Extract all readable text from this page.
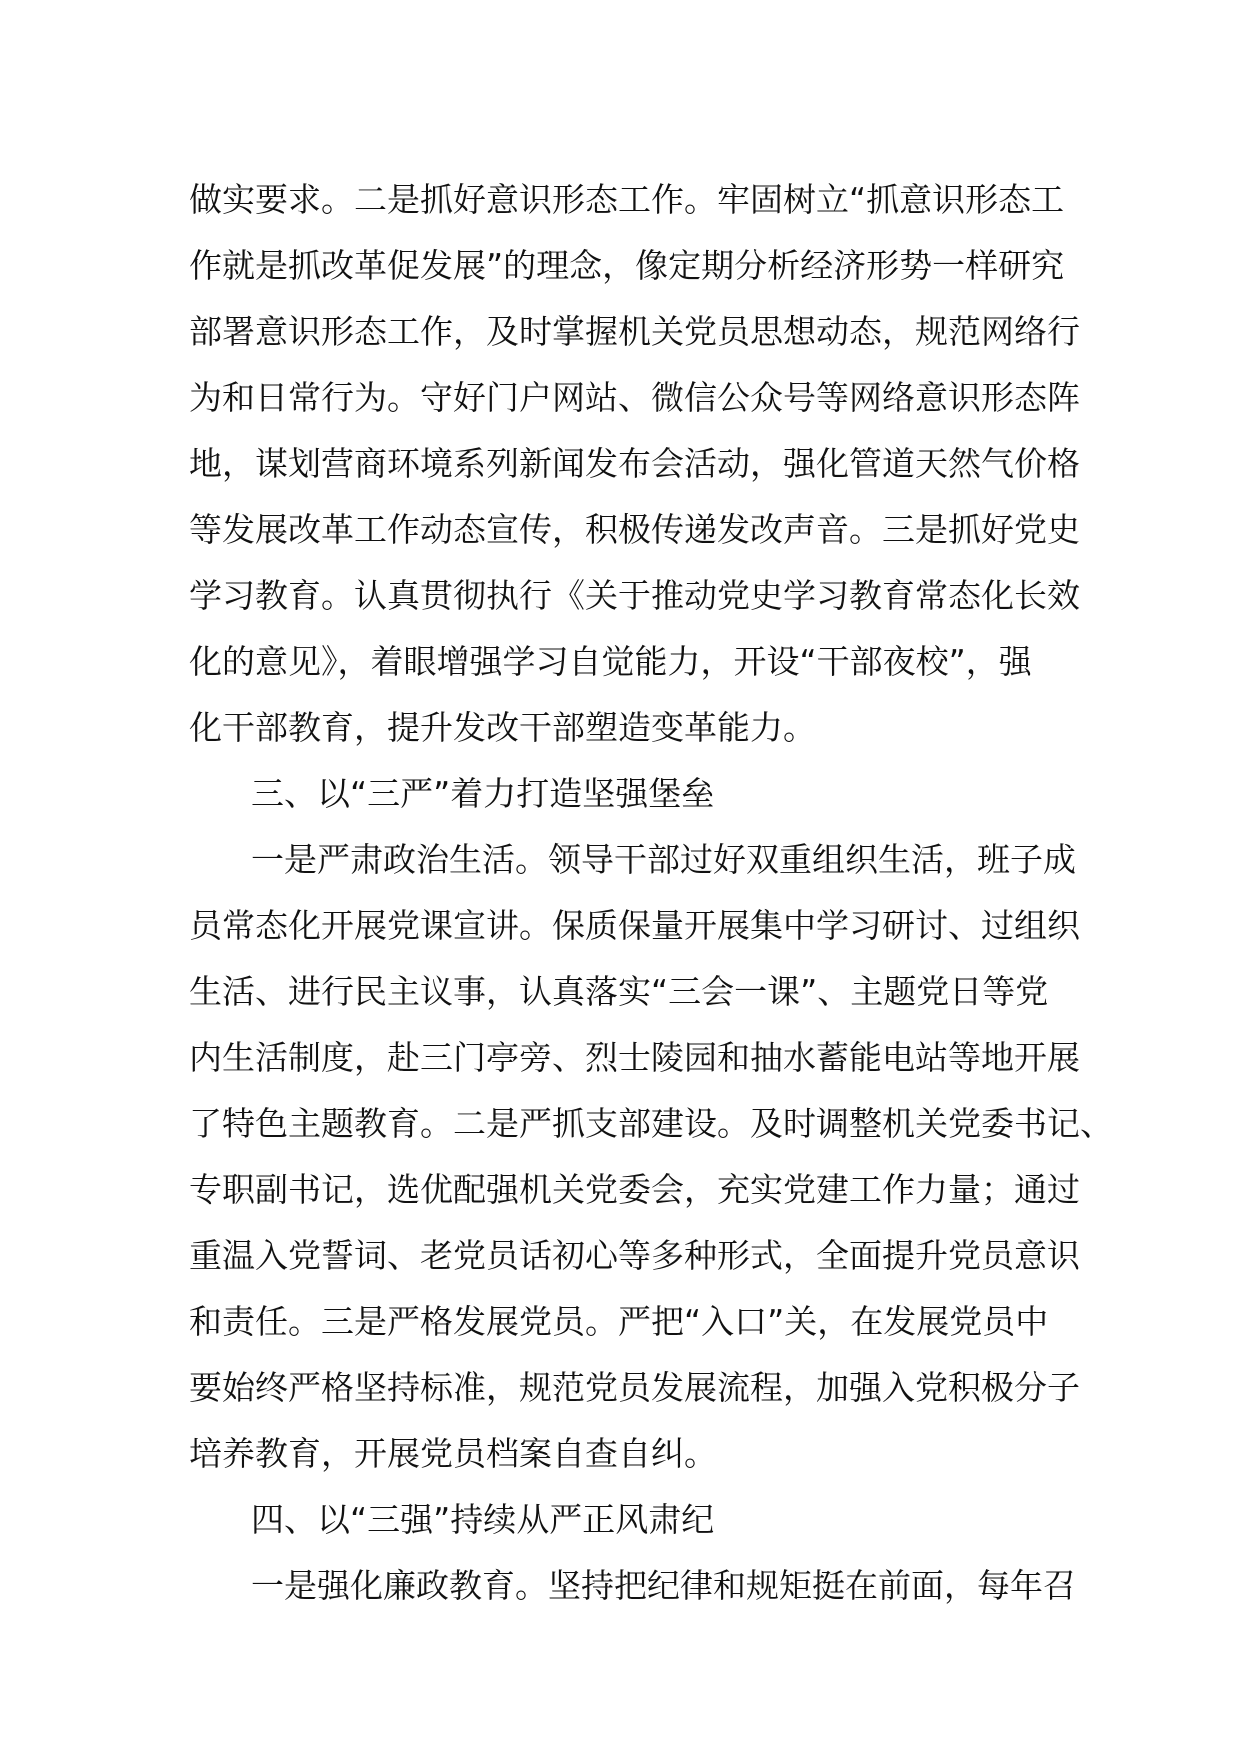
做实要求。二是抓好意识形态工作。牢固树立“抓意识形态工
作就是抓改革促发展”的理念，像定期分析经济形势一样研究
部署意识形态工作，及时掌握机关党员思想动态，规范网络行
为和日常行为。守好门户网站、微信公众号等网络意识形态阵
地，谋划营商环境系列新闻发布会活动，强化管道天然气价格
等发展改革工作动态宣传，积极传递发改声音。三是抓好党史
学习教育。认真贯彻执行《关于推动党史学习教育常态化长效
化的意见》，着眼增强学习自觉能力，开设“干部夜校”，强
化干部教育，提升发改干部塑造变革能力。
三、以“三严”着力打造坚强堡垒
一是严肃政治生活。领导干部过好双重组织生活，班子成
员常态化开展党课宣讲。保质保量开展集中学习研讨、过组织
生活、进行民主议事，认真落实“三会一课”、主题党日等党
内生活制度，赴三门亭旁、烈士陵园和抽水蓄能电站等地开展
了特色主题教育。二是严抓支部建设。及时调整机关党委书记、
专职副书记，选优配强机关党委会，充实党建工作力量；通过
重温入党誓词、老党员话初心等多种形式，全面提升党员意识
和责任。三是严格发展党员。严把“入口”关，在发展党员中
要始终严格坚持标准，规范党员发展流程，加强入党积极分子
培养教育，开展党员档案自查自纠。
四、以“三强”持续从严正风肃纪
一是强化廉政教育。坚持把纪律和规矩挺在前面，每年召
